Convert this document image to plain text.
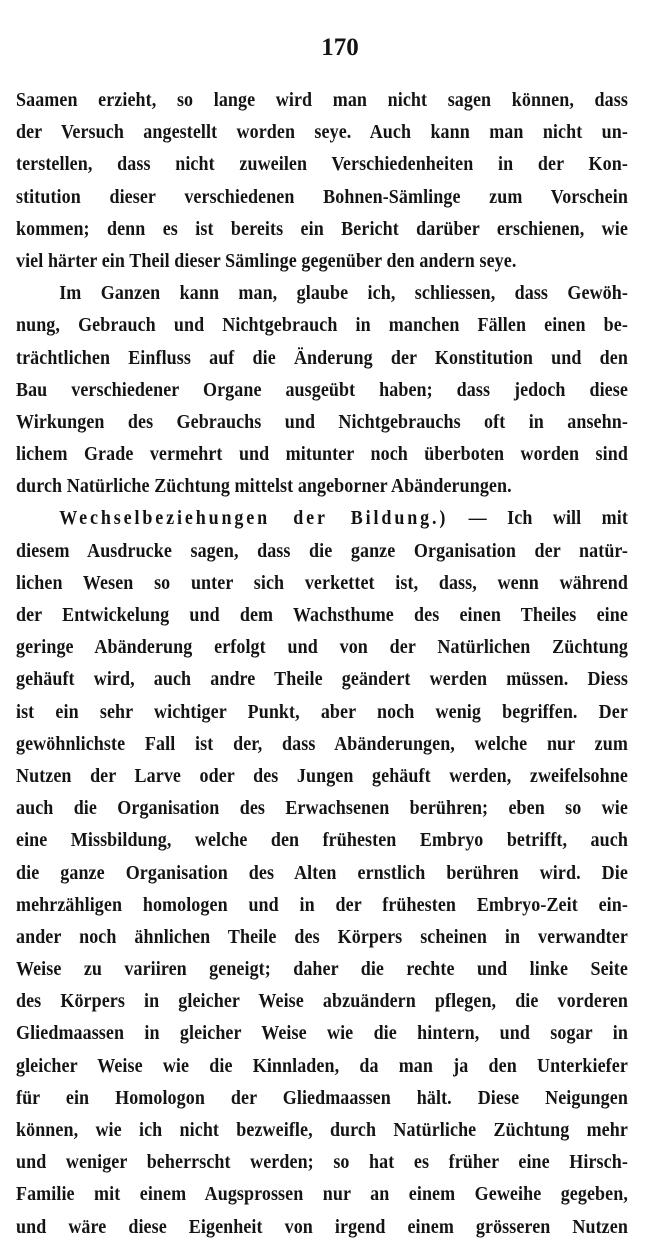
170
Saamen erzieht, so lange wird man nicht sagen können, dass
der Versuch angestellt worden seye. Auch kann man nicht un-
terstellen, dass nicht zuweilen Verschiedenheiten in der Kon-
stitution dieser verschiedenen Bohnen-Sämlinge zum Vorschein
kommen; denn es ist bereits ein Bericht darüber erschienen, wie
viel härter ein Theil dieser Sämlinge gegenüber den andern seye.
Im Ganzen kann man, glaube ich, schliessen, dass Gewöh-
nung, Gebrauch und Nichtgebrauch in manchen Fällen einen be-
trächtlichen Einfluss auf die Änderung der Konstitution und den
Bau verschiedener Organe ausgeübt haben; dass jedoch diese
Wirkungen des Gebrauchs und Nichtgebrauchs oft in ansehn-
lichem Grade vermehrt und mitunter noch überboten worden sind
durch Natürliche Züchtung mittelst angeborner Abänderungen.
Wechselbeziehungen der Bildung.) — Ich will mit
diesem Ausdrucke sagen, dass die ganze Organisation der natür-
lichen Wesen so unter sich verkettet ist, dass, wenn während
der Entwickelung und dem Wachsthume des einen Theiles eine
geringe Abänderung erfolgt und von der Natürlichen Züchtung
gehäuft wird, auch andre Theile geändert werden müssen. Diess
ist ein sehr wichtiger Punkt, aber noch wenig begriffen. Der
gewöhnlichste Fall ist der, dass Abänderungen, welche nur zum
Nutzen der Larve oder des Jungen gehäuft werden, zweifelsohne
auch die Organisation des Erwachsenen berühren; eben so wie
eine Missbildung, welche den frühesten Embryo betrifft, auch
die ganze Organisation des Alten ernstlich berühren wird. Die
mehrzähligen homologen und in der frühesten Embryo-Zeit ein-
ander noch ähnlichen Theile des Körpers scheinen in verwandter
Weise zu variiren geneigt; daher die rechte und linke Seite
des Körpers in gleicher Weise abzuändern pflegen, die vorderen
Gliedmaassen in gleicher Weise wie die hintern, und sogar in
gleicher Weise wie die Kinnladen, da man ja den Unterkiefer
für ein Homologon der Gliedmaassen hält. Diese Neigungen
können, wie ich nicht bezweifle, durch Natürliche Züchtung mehr
und weniger beherrscht werden; so hat es früher eine Hirsch-
Familie mit einem Augsprossen nur an einem Geweihe gegeben,
und wäre diese Eigenheit von irgend einem grösseren Nutzen
